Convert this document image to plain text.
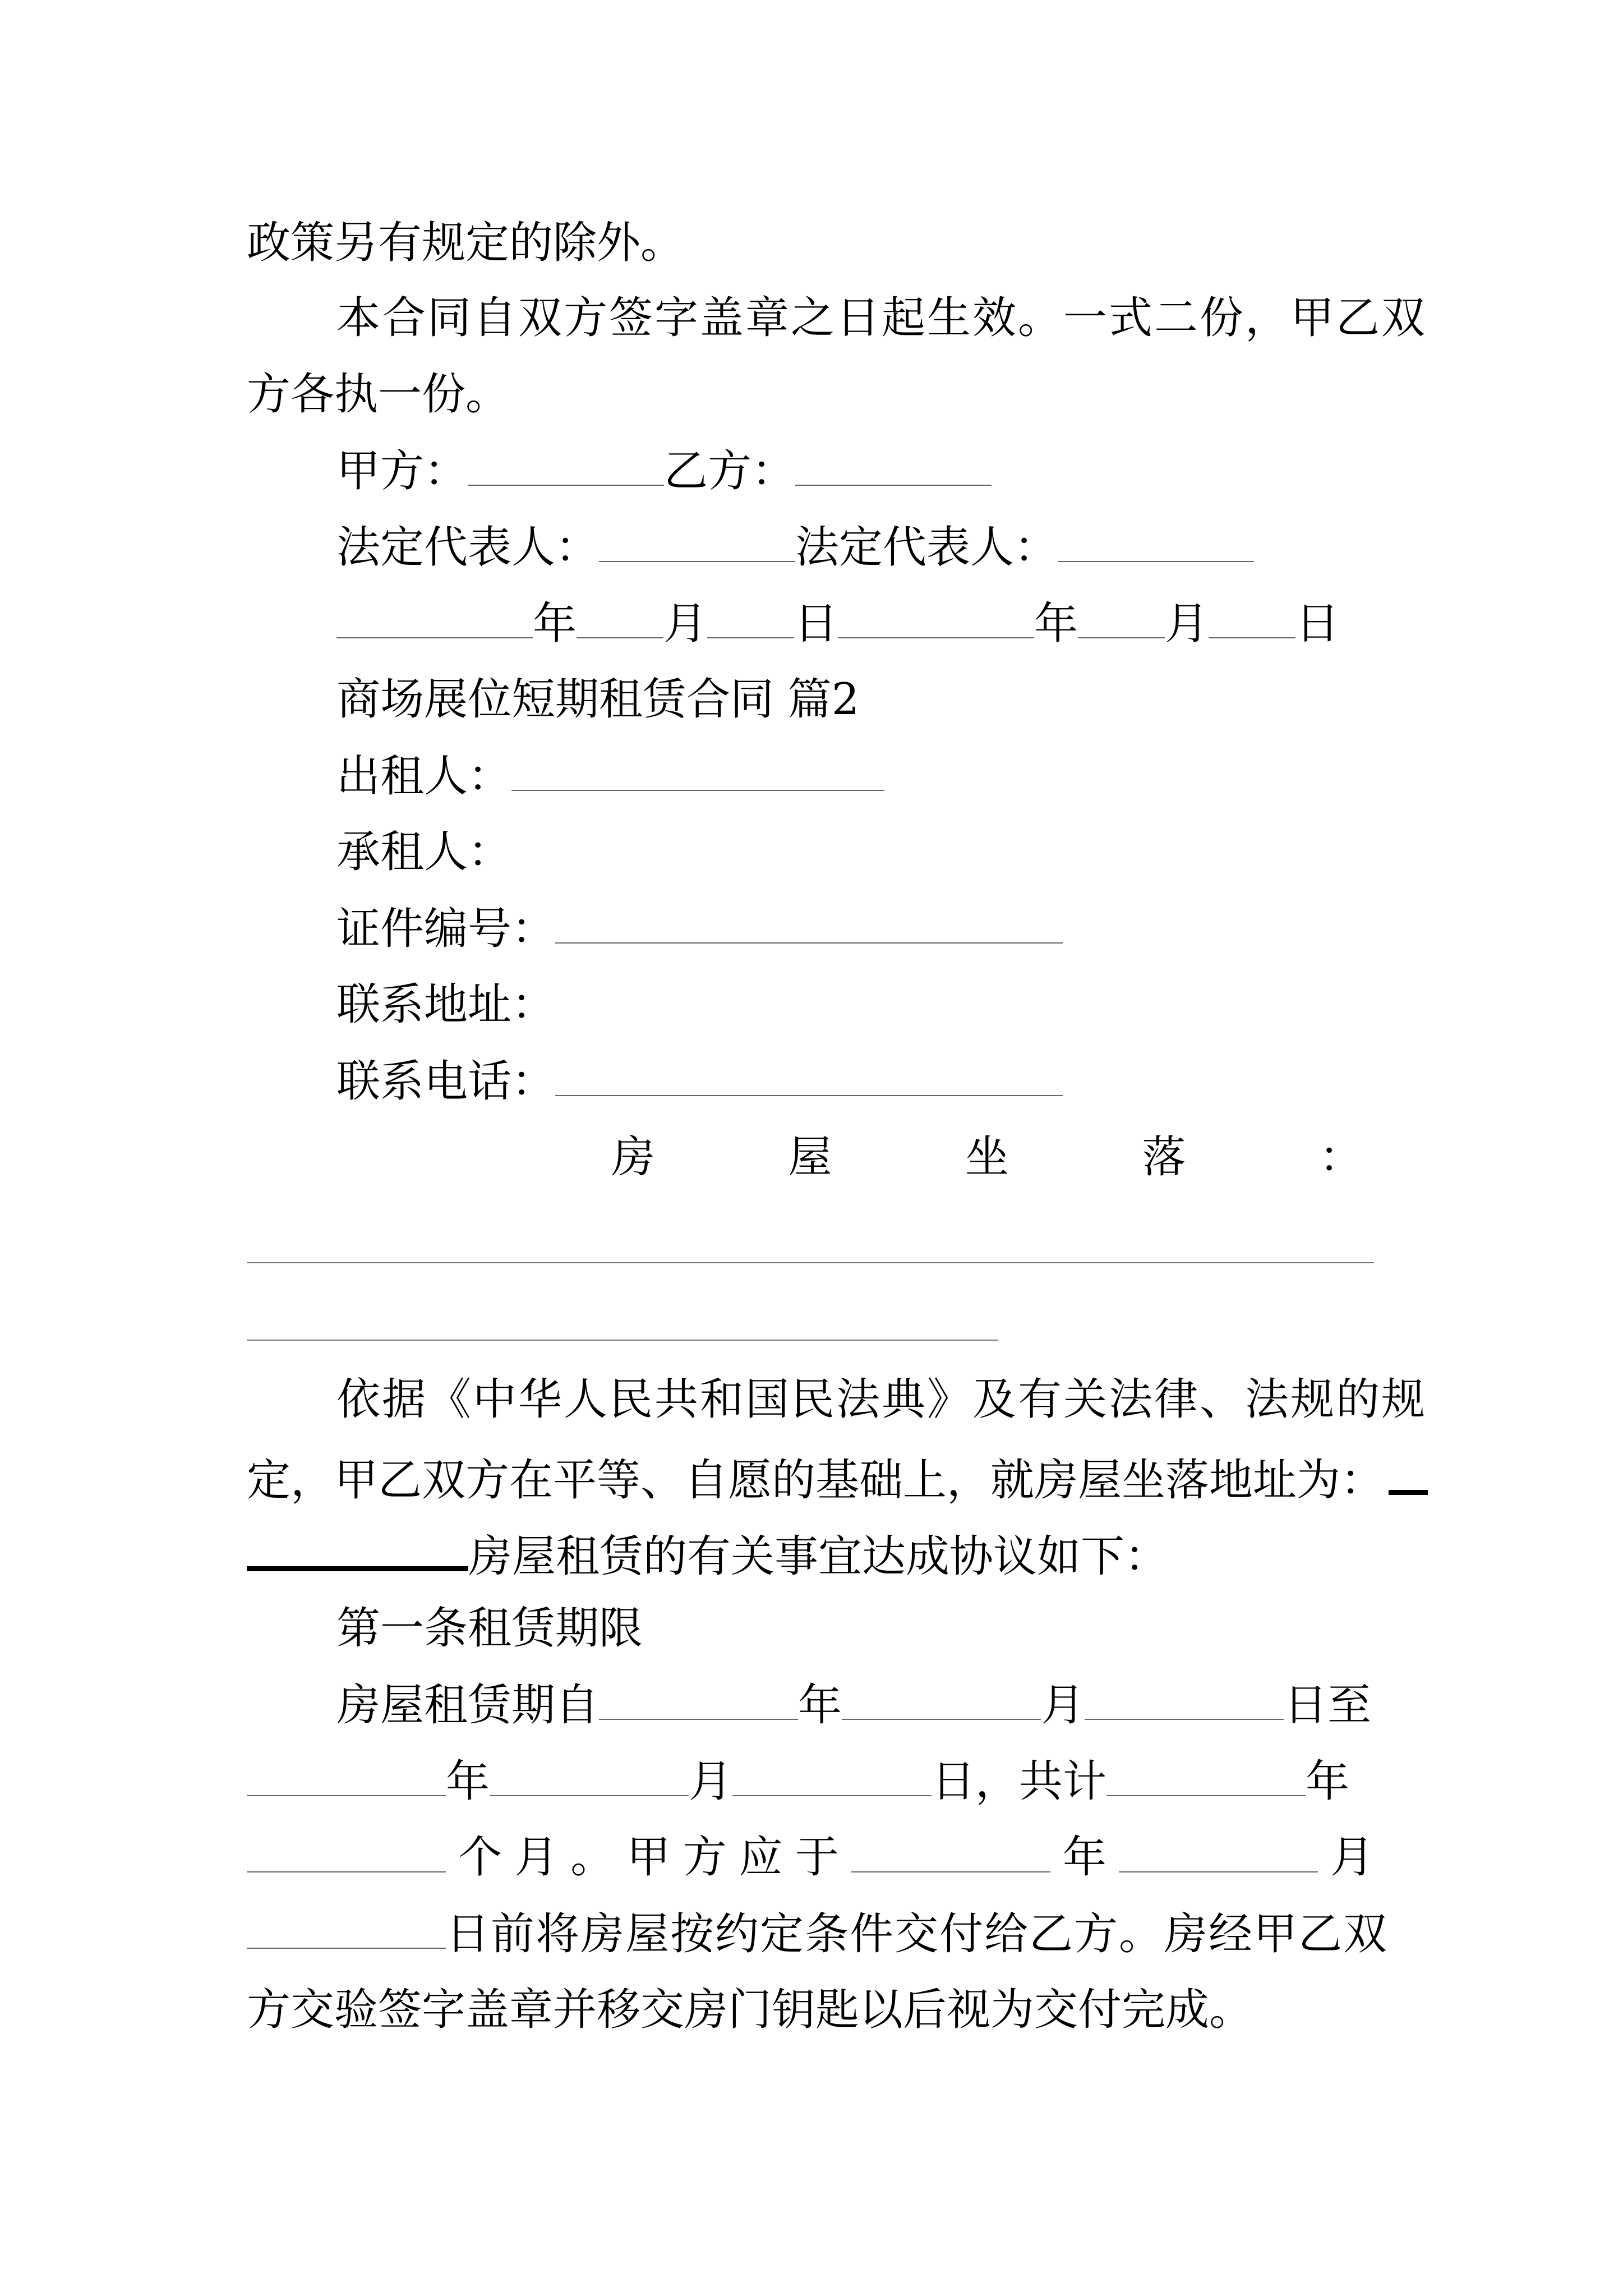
政策另有规定的除外。
本合同自双方签字盖章之日起生效。一式二份，甲乙双
方各执一份。
甲方：	乙方：
法定代表人：	法定代表人：
年 月 日	年 月 日
商场展位短期租赁合同 篇2
出租人：
承租人：
证件编号：
联系地址：
联系电话：
房	屋	坐	落	：
依据《中华人民共和国民法典》及有关法律、法规的规
定，甲乙双方在平等、自愿的基础上，就房屋坐落地址为：
房屋租赁的有关事宜达成协议如下：
第一条租赁期限
房屋租赁期自	年	月	日至
年	月	日，共计	年
个 月 。 甲 方 应 于	年	月
日前将房屋按约定条件交付给乙方。房经甲乙双
方交验签字盖章并移交房门钥匙以后视为交付完成。
